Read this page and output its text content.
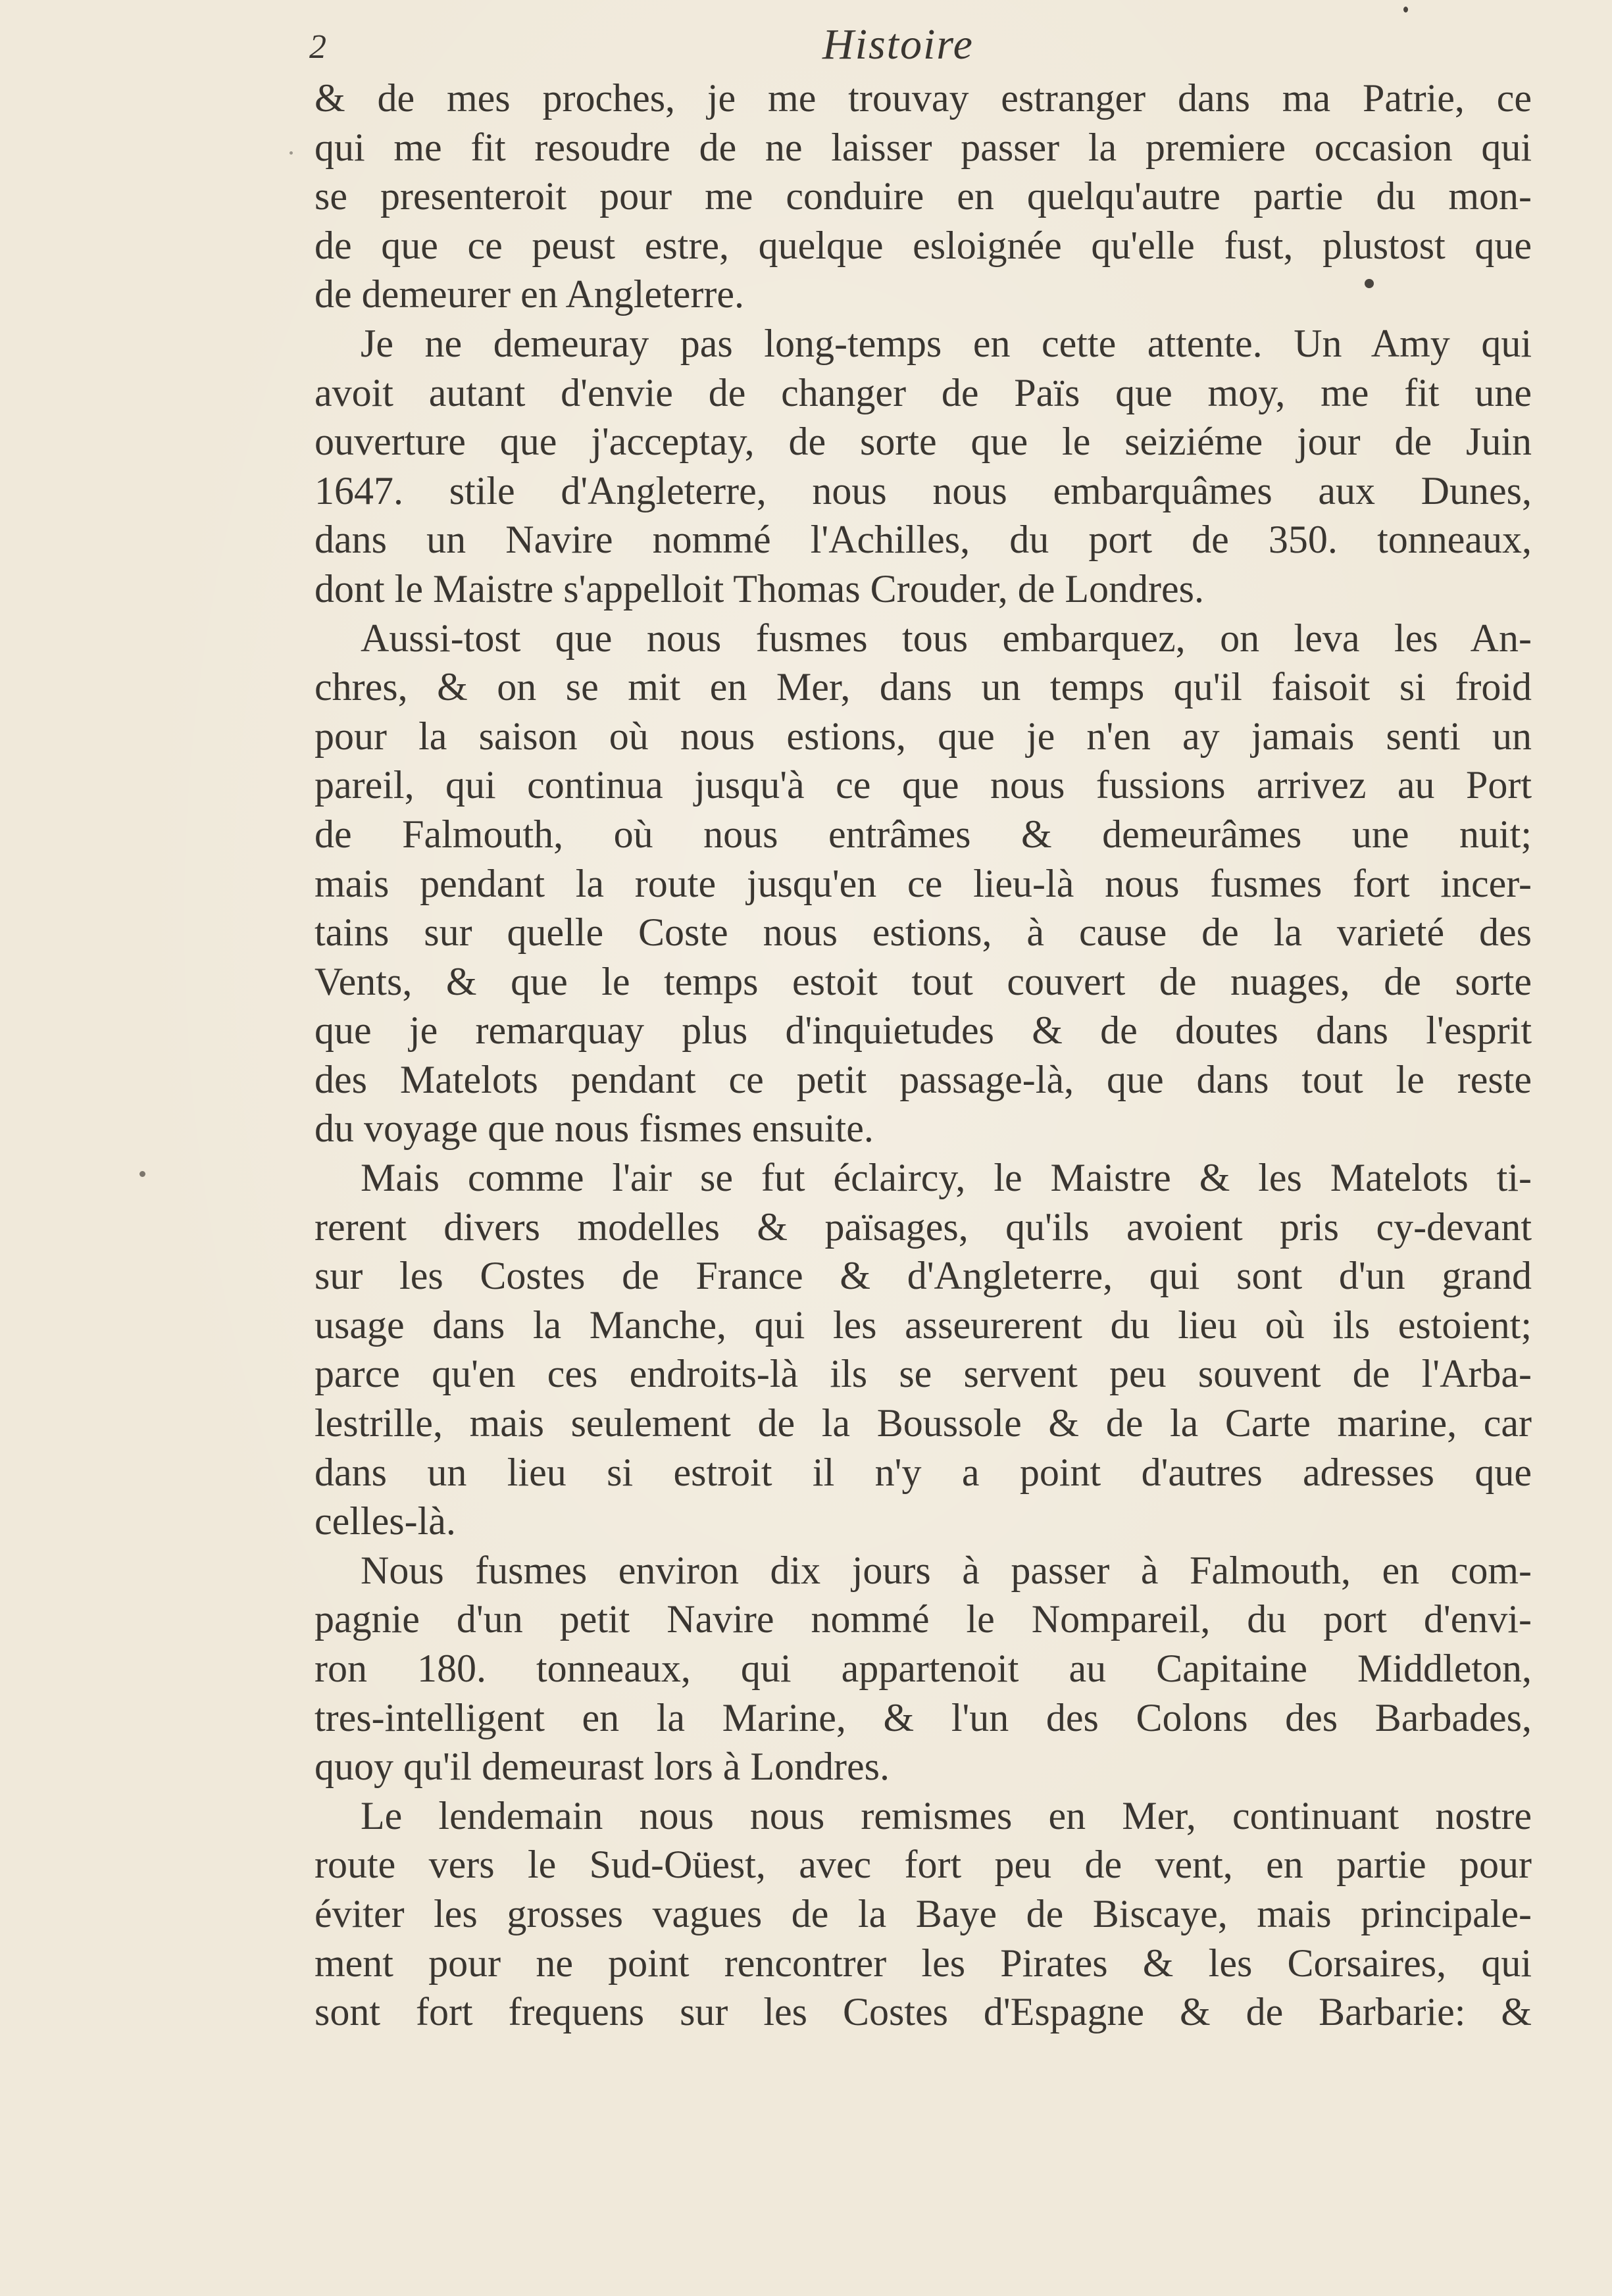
2	Histoire
& de mes proches, je me trouvay estranger dans ma Patrie, ce
qui me fit resoudre de ne laisser passer la premiere occasion qui
se presenteroit pour me conduire en quelqu'autre partie du mon-
de que ce peust estre, quelque esloignée qu'elle fust, plustost que
de demeurer en Angleterre.
Je ne demeuray pas long-temps en cette attente. Un Amy qui
avoit autant d'envie de changer de Païs que moy, me fit une
ouverture que j'acceptay, de sorte que le seiziéme jour de Juin
1647. stile d'Angleterre, nous nous embarquâmes aux Dunes,
dans un Navire nommé l'Achilles, du port de 350. tonneaux,
dont le Maistre s'appelloit Thomas Crouder, de Londres.
Aussi-tost que nous fusmes tous embarquez, on leva les An-
chres, & on se mit en Mer, dans un temps qu'il faisoit si froid
pour la saison où nous estions, que je n'en ay jamais senti un
pareil, qui continua jusqu'à ce que nous fussions arrivez au Port
de Falmouth, où nous entrâmes & demeurâmes une nuit;
mais pendant la route jusqu'en ce lieu-là nous fusmes fort incer-
tains sur quelle Coste nous estions, à cause de la varieté des
Vents, & que le temps estoit tout couvert de nuages, de sorte
que je remarquay plus d'inquietudes & de doutes dans l'esprit
des Matelots pendant ce petit passage-là, que dans tout le reste
du voyage que nous fismes ensuite.
Mais comme l'air se fut éclaircy, le Maistre & les Matelots ti-
rerent divers modelles & païsages, qu'ils avoient pris cy-devant
sur les Costes de France & d'Angleterre, qui sont d'un grand
usage dans la Manche, qui les asseurerent du lieu où ils estoient;
parce qu'en ces endroits-là ils se servent peu souvent de l'Arba-
lestrille, mais seulement de la Boussole & de la Carte marine, car
dans un lieu si estroit il n'y a point d'autres adresses que
celles-là.
Nous fusmes environ dix jours à passer à Falmouth, en com-
pagnie d'un petit Navire nommé le Nompareil, du port d'envi-
ron 180. tonneaux, qui appartenoit au Capitaine Middleton,
tres-intelligent en la Marine, & l'un des Colons des Barbades,
quoy qu'il demeurast lors à Londres.
Le lendemain nous nous remismes en Mer, continuant nostre
route vers le Sud-Oüest, avec fort peu de vent, en partie pour
éviter les grosses vagues de la Baye de Biscaye, mais principale-
ment pour ne point rencontrer les Pirates & les Corsaires, qui
sont fort frequens sur les Costes d'Espagne & de Barbarie: &
